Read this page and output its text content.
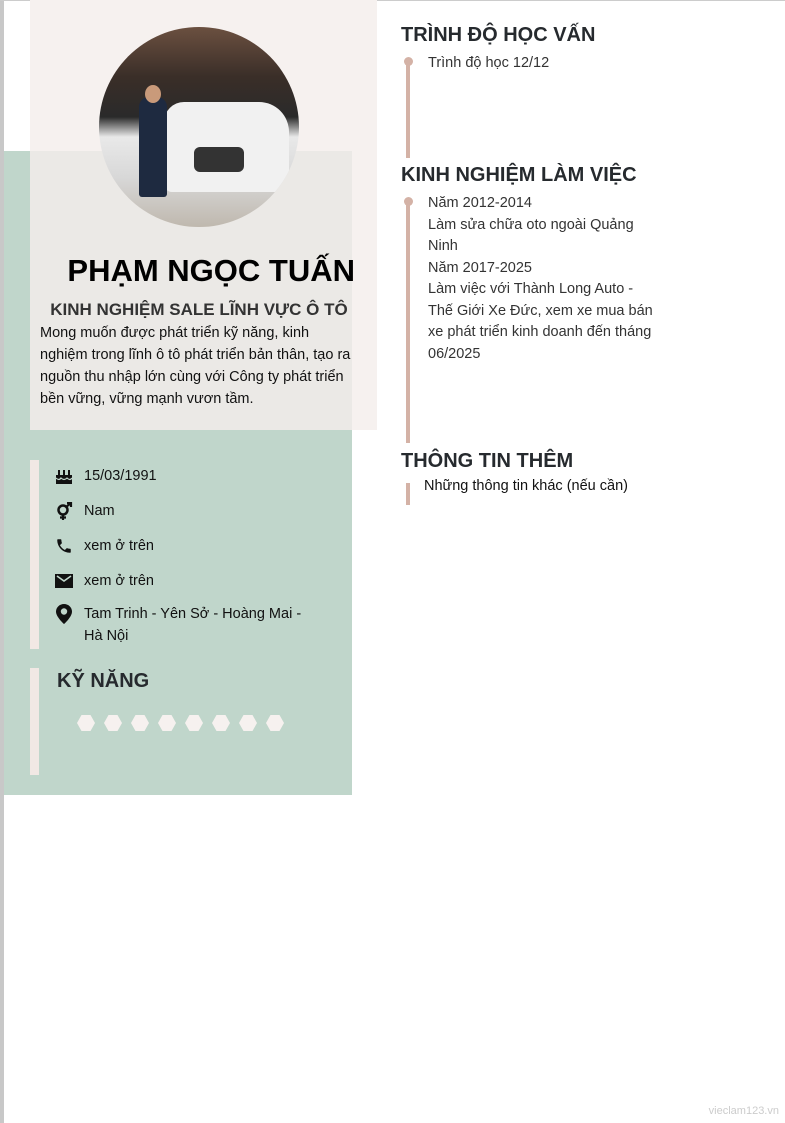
PHẠM NGỌC TUẤN
KINH NGHIỆM SALE LĨNH VỰC Ô TÔ
Mong muốn được phát triển kỹ năng, kinh nghiệm trong lĩnh ô tô phát triển bản thân, tạo ra nguồn thu nhập lớn cùng với Công ty phát triển bền vững, vững mạnh vươn tầm.
15/03/1991
Nam
xem ở trên
xem ở trên
Tam Trinh - Yên Sở - Hoàng Mai - Hà Nội
KỸ NĂNG
TRÌNH ĐỘ HỌC VẤN
Trình độ học 12/12
KINH NGHIỆM LÀM VIỆC
Năm 2012-2014
Làm sửa chữa oto ngoài Quảng Ninh
Năm 2017-2025
Làm việc với Thành Long Auto - Thế Giới Xe Đức, xem xe mua bán xe phát triển kinh doanh đến tháng 06/2025
THÔNG TIN THÊM
Những thông tin khác (nếu cần)
vieclam123.vn
